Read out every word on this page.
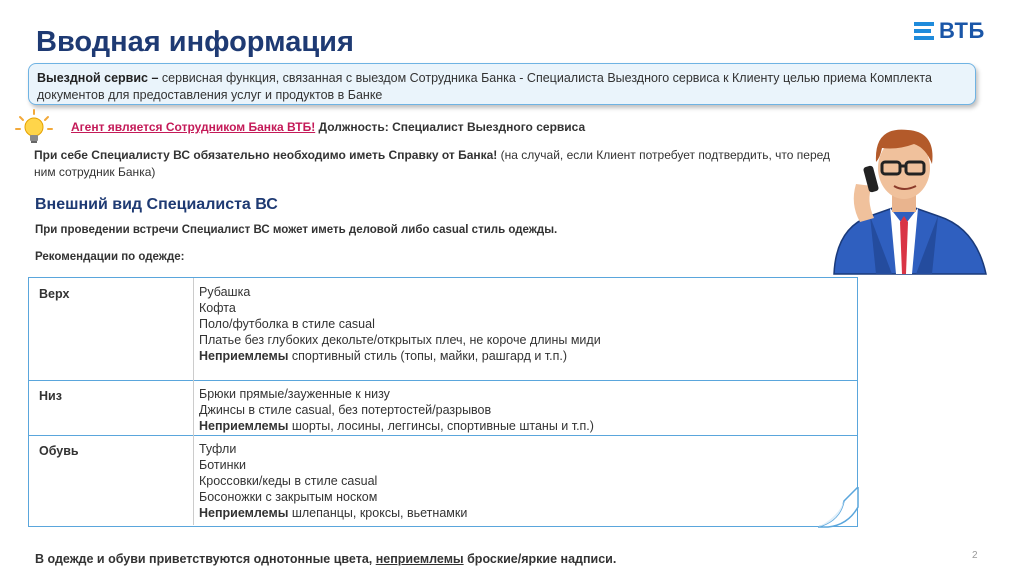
Вводная информация	ВТБ
Выездной сервис – сервисная функция, связанная с выездом Сотрудника Банка - Специалиста Выездного сервиса к Клиенту целью приема Комплекта документов для предоставления услуг и продуктов в Банке
Агент является Сотрудником Банка ВТБ! Должность: Специалист Выездного сервиса
При себе Специалисту ВС обязательно необходимо иметь Справку от Банка! (на случай, если Клиент потребует подтвердить, что перед ним сотрудник Банка)
Внешний вид Специалиста ВС
При проведении встречи Специалист ВС может иметь деловой либо casual стиль одежды.
Рекомендации по одежде:
Верх	Рубашка
Кофта
Поло/футболка в стиле casual
Платье без глубоких декольте/открытых плеч, не короче длины миди
Неприемлемы спортивный стиль (топы, майки, рашгард и т.п.)
Низ	Брюки прямые/зауженные к низу
Джинсы в стиле casual, без потертостей/разрывов
Неприемлемы шорты, лосины, леггинсы, спортивные штаны и т.п.)
Обувь	Туфли
Ботинки
Кроссовки/кеды в стиле casual
Босоножки с закрытым носком
Неприемлемы шлепанцы, кроксы, вьетнамки
В одежде и обуви приветствуются однотонные цвета, неприемлемы броские/яркие надписи.	2
